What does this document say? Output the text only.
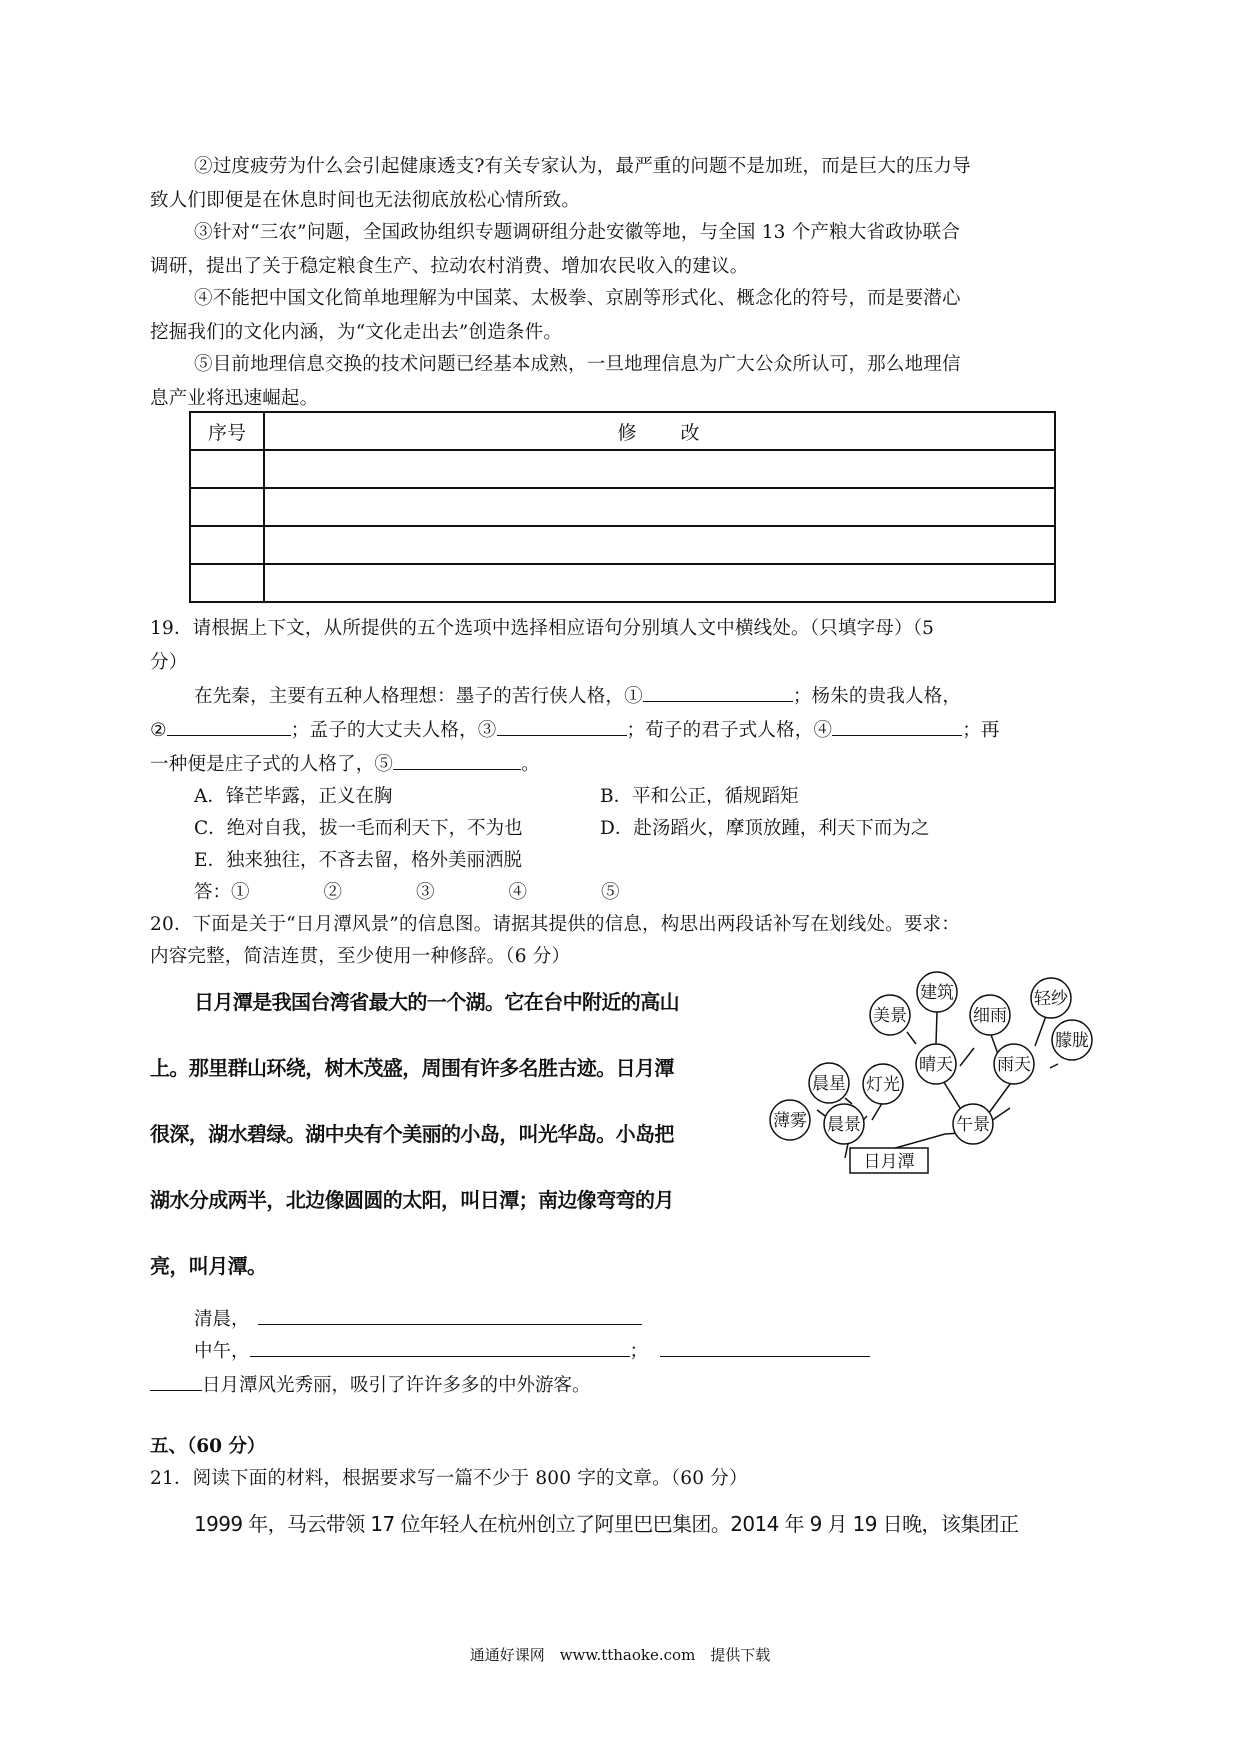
②过度疲劳为什么会引起健康透支?有关专家认为，最严重的问题不是加班，而是巨大的压力导
致人们即便是在休息时间也无法彻底放松心情所致。
③针对“三农”问题，全国政协组织专题调研组分赴安徽等地，与全国 13 个产粮大省政协联合
调研，提出了关于稳定粮食生产、拉动农村消费、增加农民收入的建议。
④不能把中国文化简单地理解为中国菜、太极拳、京剧等形式化、概念化的符号，而是要潜心
挖掘我们的文化内涵，为“文化走出去”创造条件。
⑤目前地理信息交换的技术问题已经基本成熟，一旦地理信息为广大公众所认可，那么地理信
息产业将迅速崛起。
序号	修　　改

19．请根据上下文，从所提供的五个选项中选择相应语句分别填人文中横线处。（只填字母）（5
分）
在先秦，主要有五种人格理想：墨子的苦行侠人格，①	；杨朱的贵我人格，
②	；孟子的大丈夫人格，③	；荀子的君子式人格，④	；再
一种便是庄子式的人格了，⑤	。
A．锋芒毕露，正义在胸	B．平和公正，循规蹈矩
C．绝对自我，拔一毛而利天下，不为也	D．赴汤蹈火，摩顶放踵，利天下而为之
E．独来独往，不吝去留，格外美丽洒脱
答：①　　　　②　　　　③　　　　④　　　　⑤
20．下面是关于“日月潭风景”的信息图。请据其提供的信息，构思出两段话补写在划线处。要求：
内容完整，简洁连贯，至少使用一种修辞。（6 分）
日月潭是我国台湾省最大的一个湖。它在台中附近的高山
上。那里群山环绕，树木茂盛，周围有许多名胜古迹。日月潭
很深，湖水碧绿。湖中央有个美丽的小岛，叫光华岛。小岛把
湖水分成两半，北边像圆圆的太阳，叫日潭；南边像弯弯的月
亮，叫月潭。
建筑
美景	细雨
轻纱
晨星 灯光
晴天	雨天
朦胧
薄雾 晨景	午景
日月潭
清晨，
中午，	；
日月潭风光秀丽，吸引了许许多多的中外游客。
五、（60 分）
21．阅读下面的材料，根据要求写一篇不少于 800 字的文章。（60 分）
1999 年，马云带领 17 位年轻人在杭州创立了阿里巴巴集团。2014 年 9 月 19 日晚，该集团正
通通好课网　www.tthaoke.com　提供下载
